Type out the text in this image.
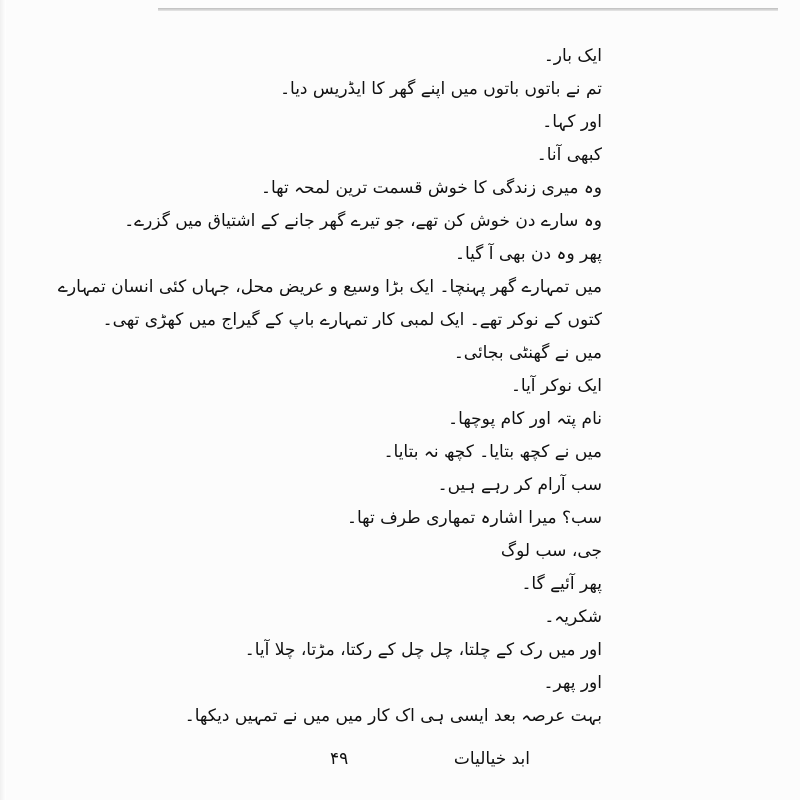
ایک بار۔
تم نے باتوں باتوں میں اپنے گھر کا ایڈریس دیا۔
اور کہا۔
کبھی آنا۔
وہ میری زندگی کا خوش قسمت ترین لمحہ تھا۔
وہ سارے دن خوش کن تھے، جو تیرے گھر جانے کے اشتیاق میں گزرے۔
پھر وہ دن بھی آ گیا۔
میں تمہارے گھر پہنچا۔ ایک بڑا وسیع و عریض محل، جہاں کئی انسان تمہارے
کتوں کے نوکر تھے۔ ایک لمبی کار تمہارے باپ کے گیراج میں کھڑی تھی۔
میں نے گھنٹی بجائی۔
ایک نوکر آیا۔
نام پتہ اور کام پوچھا۔
میں نے کچھ بتایا۔ کچھ نہ بتایا۔
سب آرام کر رہے ہیں۔
سب؟ میرا اشارہ تمھاری طرف تھا۔
جی، سب لوگ
پھر آئیے گا۔
شکریہ۔
اور میں رک کے چلتا، چل چل کے رکتا، مڑتا، چلا آیا۔
اور پھر۔
بہت عرصہ بعد ایسی ہی اک کار میں میں نے تمہیں دیکھا۔
ابد خیالیات
۴۹
